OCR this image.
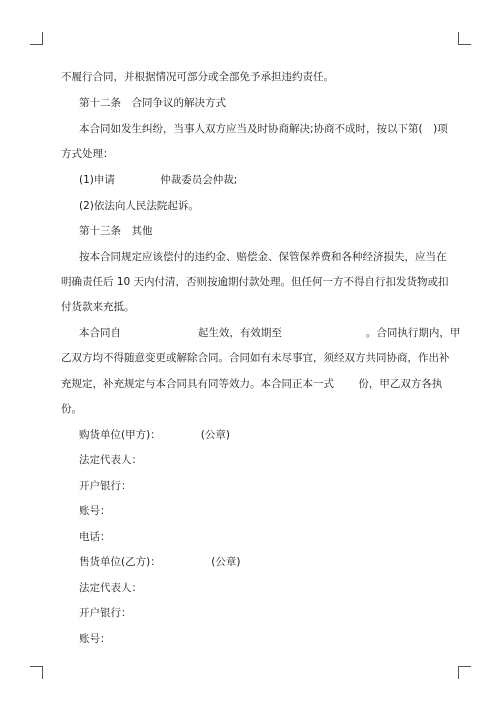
不履行合同，并根据情况可部分或全部免予承担违约责任。
第十二条　合同争议的解决方式
本合同如发生纠纷，当事人双方应当及时协商解决;协商不成时，按以下第(　)项
方式处理：
(1)申请　　　　 仲裁委员会仲裁;
(2)依法向人民法院起诉。
第十三条　其他
按本合同规定应该偿付的违约金、赔偿金、保管保养费和各种经济损失，应当在
明确责任后 10 天内付清，否则按逾期付款处理。但任何一方不得自行扣发货物或扣
付货款来充抵。
本合同自　　　　　　　 起生效，有效期至　　　　　　　　。合同执行期内，甲
乙双方均不得随意变更或解除合同。合同如有未尽事宜，须经双方共同协商，作出补
充规定，补充规定与本合同具有同等效力。本合同正本一式　　 份，甲乙双方各执
份。
购货单位(甲方)：　　　　 (公章)
法定代表人：
开户银行：
账号：
电话：
售货单位(乙方)：　　　　　 (公章)
法定代表人：
开户银行：
账号：
